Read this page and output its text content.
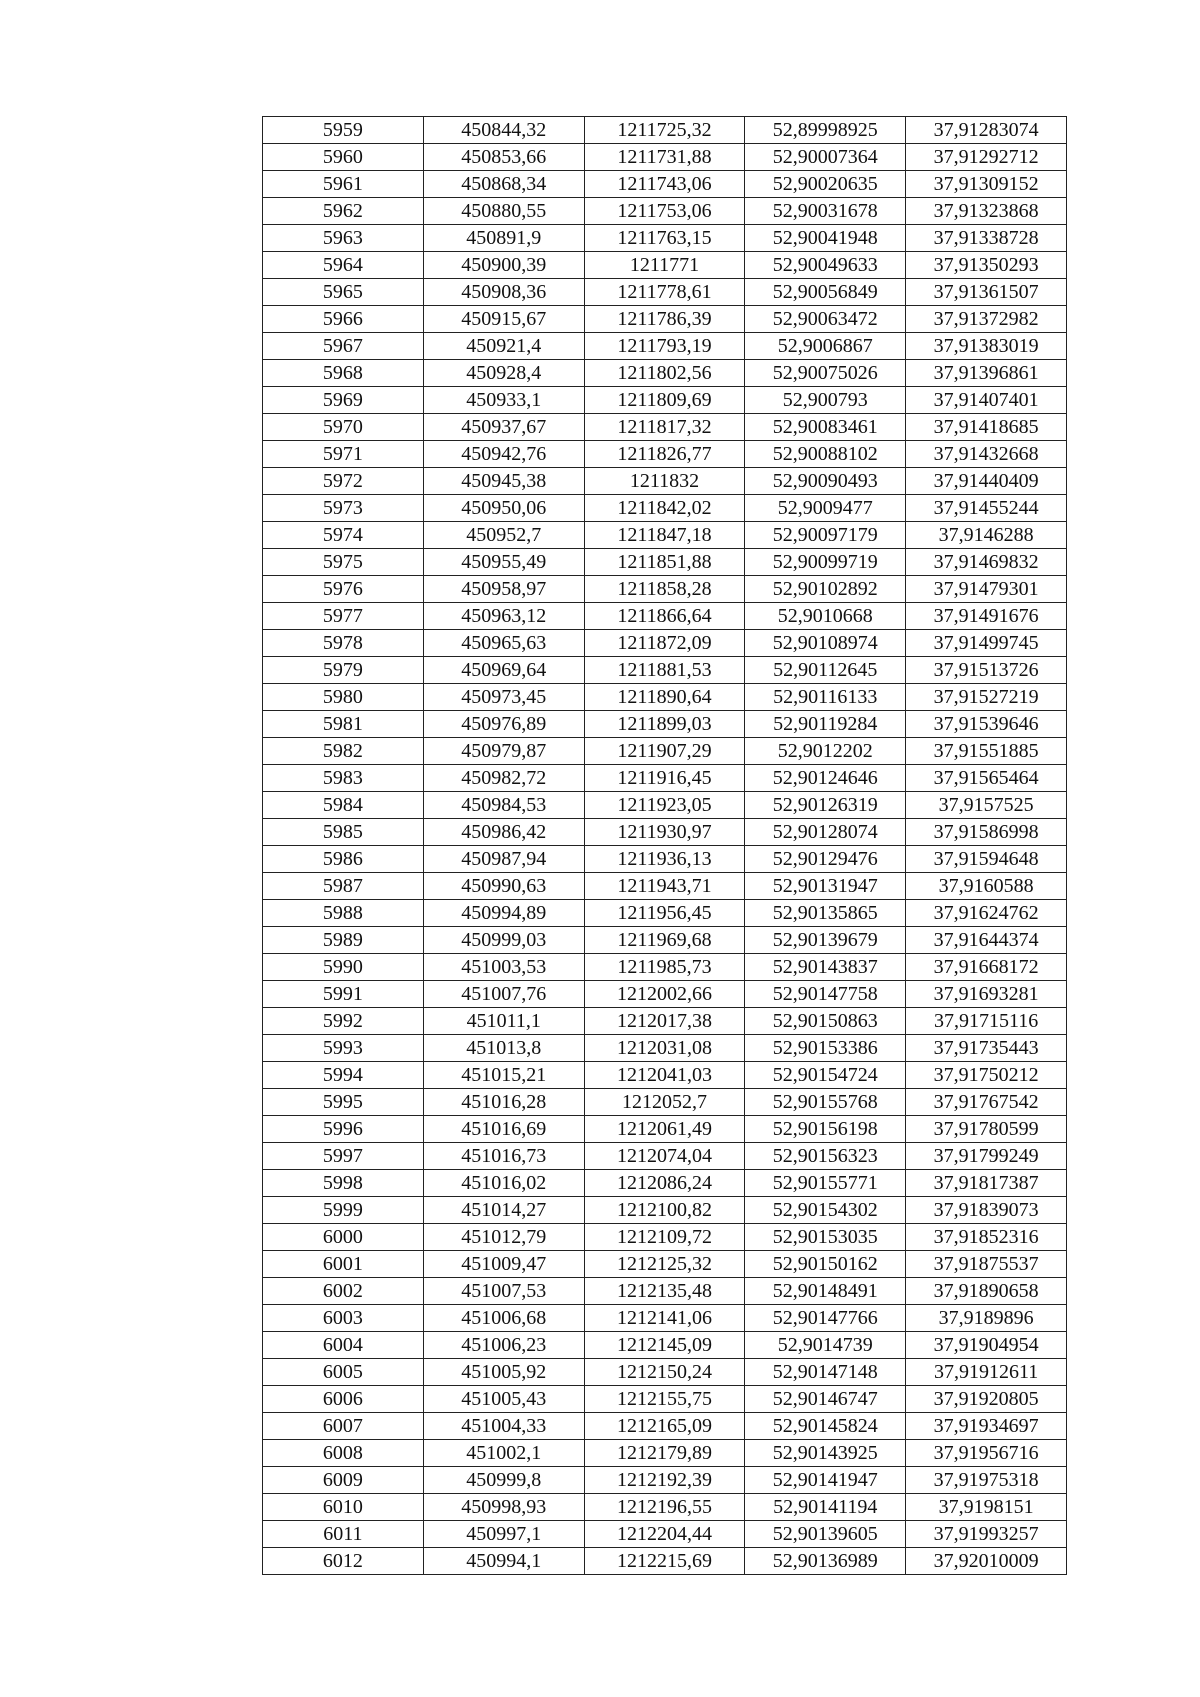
5959	450844,32	1211725,32	52,89998925	37,91283074
5960	450853,66	1211731,88	52,90007364	37,91292712
5961	450868,34	1211743,06	52,90020635	37,91309152
5962	450880,55	1211753,06	52,90031678	37,91323868
5963	450891,9	1211763,15	52,90041948	37,91338728
5964	450900,39	1211771	52,90049633	37,91350293
5965	450908,36	1211778,61	52,90056849	37,91361507
5966	450915,67	1211786,39	52,90063472	37,91372982
5967	450921,4	1211793,19	52,9006867	37,91383019
5968	450928,4	1211802,56	52,90075026	37,91396861
5969	450933,1	1211809,69	52,900793	37,91407401
5970	450937,67	1211817,32	52,90083461	37,91418685
5971	450942,76	1211826,77	52,90088102	37,91432668
5972	450945,38	1211832	52,90090493	37,91440409
5973	450950,06	1211842,02	52,9009477	37,91455244
5974	450952,7	1211847,18	52,90097179	37,9146288
5975	450955,49	1211851,88	52,90099719	37,91469832
5976	450958,97	1211858,28	52,90102892	37,91479301
5977	450963,12	1211866,64	52,9010668	37,91491676
5978	450965,63	1211872,09	52,90108974	37,91499745
5979	450969,64	1211881,53	52,90112645	37,91513726
5980	450973,45	1211890,64	52,90116133	37,91527219
5981	450976,89	1211899,03	52,90119284	37,91539646
5982	450979,87	1211907,29	52,9012202	37,91551885
5983	450982,72	1211916,45	52,90124646	37,91565464
5984	450984,53	1211923,05	52,90126319	37,9157525
5985	450986,42	1211930,97	52,90128074	37,91586998
5986	450987,94	1211936,13	52,90129476	37,91594648
5987	450990,63	1211943,71	52,90131947	37,9160588
5988	450994,89	1211956,45	52,90135865	37,91624762
5989	450999,03	1211969,68	52,90139679	37,91644374
5990	451003,53	1211985,73	52,90143837	37,91668172
5991	451007,76	1212002,66	52,90147758	37,91693281
5992	451011,1	1212017,38	52,90150863	37,91715116
5993	451013,8	1212031,08	52,90153386	37,91735443
5994	451015,21	1212041,03	52,90154724	37,91750212
5995	451016,28	1212052,7	52,90155768	37,91767542
5996	451016,69	1212061,49	52,90156198	37,91780599
5997	451016,73	1212074,04	52,90156323	37,91799249
5998	451016,02	1212086,24	52,90155771	37,91817387
5999	451014,27	1212100,82	52,90154302	37,91839073
6000	451012,79	1212109,72	52,90153035	37,91852316
6001	451009,47	1212125,32	52,90150162	37,91875537
6002	451007,53	1212135,48	52,90148491	37,91890658
6003	451006,68	1212141,06	52,90147766	37,9189896
6004	451006,23	1212145,09	52,9014739	37,91904954
6005	451005,92	1212150,24	52,90147148	37,91912611
6006	451005,43	1212155,75	52,90146747	37,91920805
6007	451004,33	1212165,09	52,90145824	37,91934697
6008	451002,1	1212179,89	52,90143925	37,91956716
6009	450999,8	1212192,39	52,90141947	37,91975318
6010	450998,93	1212196,55	52,90141194	37,9198151
6011	450997,1	1212204,44	52,90139605	37,91993257
6012	450994,1	1212215,69	52,90136989	37,92010009
